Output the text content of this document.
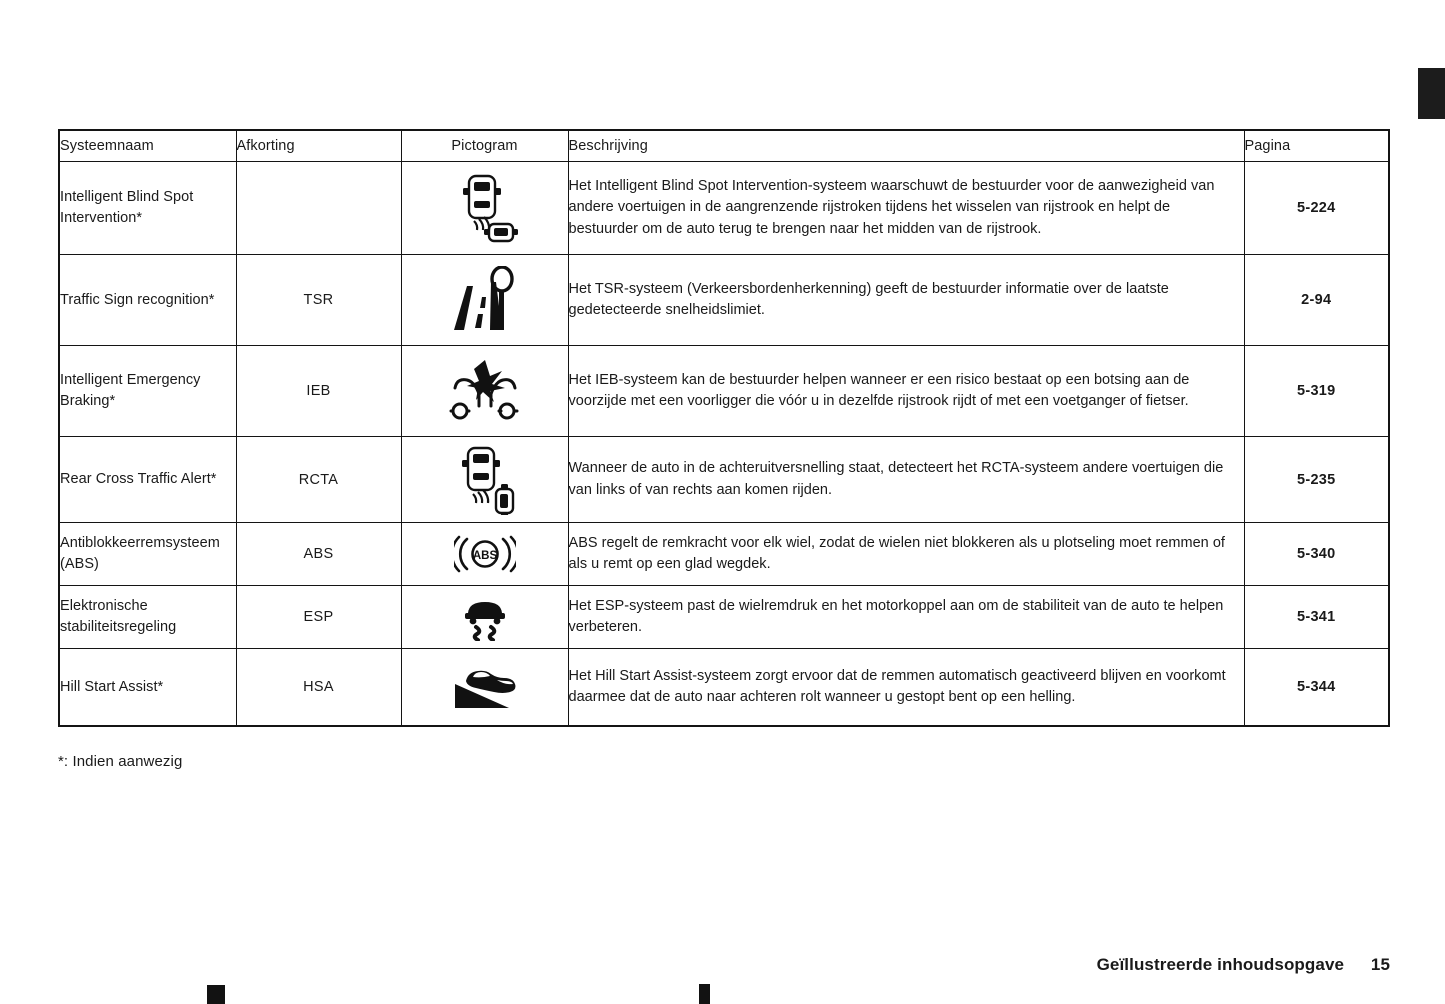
Systeemnaam	Afkorting	Pictogram	Beschrijving	Pagina
Intelligent Blind Spot Intervention*			Het Intelligent Blind Spot Intervention-systeem waarschuwt de bestuurder voor de aanwezigheid van andere voertuigen in de aangrenzende rijstroken tijdens het wisselen van rijstrook en helpt de bestuurder om de auto terug te brengen naar het midden van de rijstrook.	5-224
Traffic Sign recognition*	TSR		Het TSR-systeem (Verkeersbordenherkenning) geeft de bestuurder informatie over de laatste gedetecteerde snelheidslimiet.	2-94
Intelligent Emergency Braking*	IEB		Het IEB-systeem kan de bestuurder helpen wanneer er een risico bestaat op een botsing aan de voorzijde met een voorligger die vóór u in dezelfde rijstrook rijdt of met een voetganger of fietser.	5-319
Rear Cross Traffic Alert*	RCTA		Wanneer de auto in de achteruitversnelling staat, detecteert het RCTA-systeem andere voertuigen die van links of van rechts aan komen rijden.	5-235
Antiblokkeerremsysteem (ABS)	ABS	ABS	ABS regelt de remkracht voor elk wiel, zodat de wielen niet blokkeren als u plotseling moet remmen of als u remt op een glad wegdek.	5-340
Elektronische stabiliteitsregeling	ESP		Het ESP-systeem past de wielremdruk en het motorkoppel aan om de stabiliteit van de auto te helpen verbeteren.	5-341
Hill Start Assist*	HSA		Het Hill Start Assist-systeem zorgt ervoor dat de remmen automatisch geactiveerd blijven en voorkomt daarmee dat de auto naar achteren rolt wanneer u gestopt bent op een helling.	5-344
*: Indien aanwezig
Geïllustreerde inhoudsopgave 15
